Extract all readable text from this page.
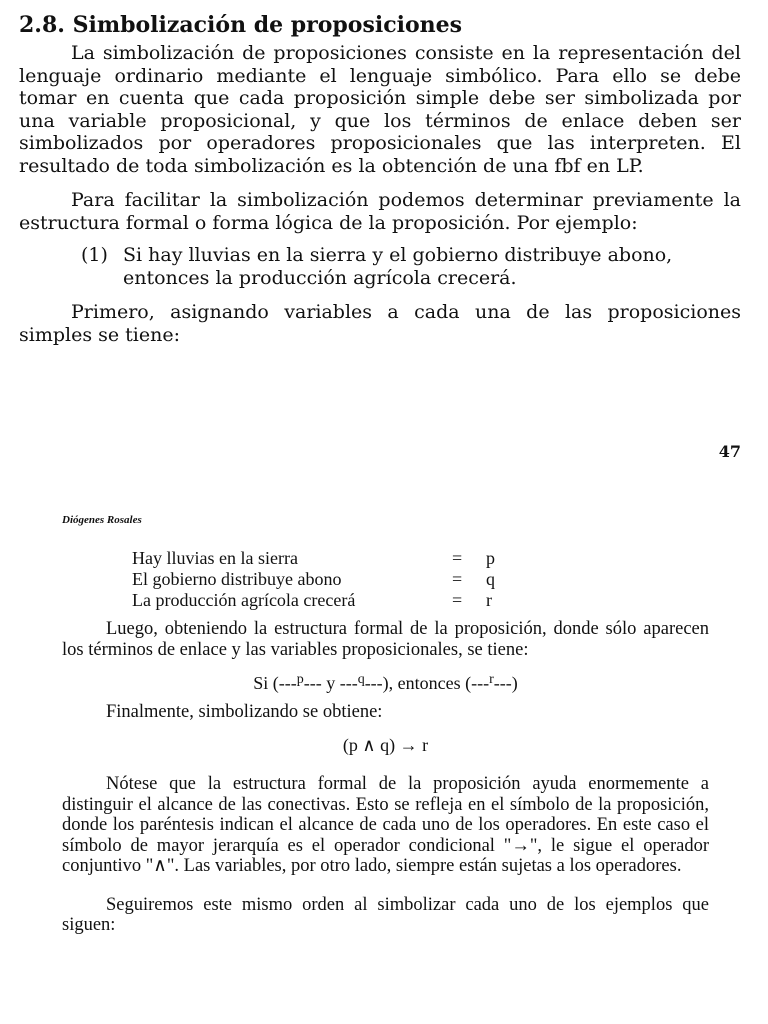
2.8. Simbolización de proposiciones

La simbolización de proposiciones consiste en la representación del lenguaje ordinario mediante el lenguaje simbólico. Para ello se debe tomar en cuenta que cada proposición simple debe ser simbolizada por una variable proposicional, y que los términos de enlace deben ser simbolizados por operadores proposicionales que las interpreten. El resultado de toda simbolización es la obtención de una fbf en LP.

Para facilitar la simbolización podemos determinar previamente la estructura formal o forma lógica de la proposición. Por ejemplo:

(1) Si hay lluvias en la sierra y el gobierno distribuye abono, entonces la producción agrícola crecerá.

Primero, asignando variables a cada una de las proposiciones simples se tiene:

47
Diógenes Rosales
Hay lluvias en la sierra	=	p
El gobierno distribuye abono	=	q
La producción agrícola crecerá	=	r

Luego, obteniendo la estructura formal de la proposición, donde sólo aparecen los términos de enlace y las variables proposicionales, se tiene:

Si (---$^p$--- y ---$^q$---), entonces (---$^r$---)

Finalmente, simbolizando se obtiene:

(p ∧ q) → r

Nótese que la estructura formal de la proposición ayuda enormemente a distinguir el alcance de las conectivas. Esto se refleja en el símbolo de la proposición, donde los paréntesis indican el alcance de cada uno de los operadores. En este caso el símbolo de mayor jerarquía es el operador condicional "→", le sigue el operador conjuntivo "∧". Las variables, por otro lado, siempre están sujetas a los operadores.

Seguiremos este mismo orden al simbolizar cada uno de los ejemplos que siguen:
